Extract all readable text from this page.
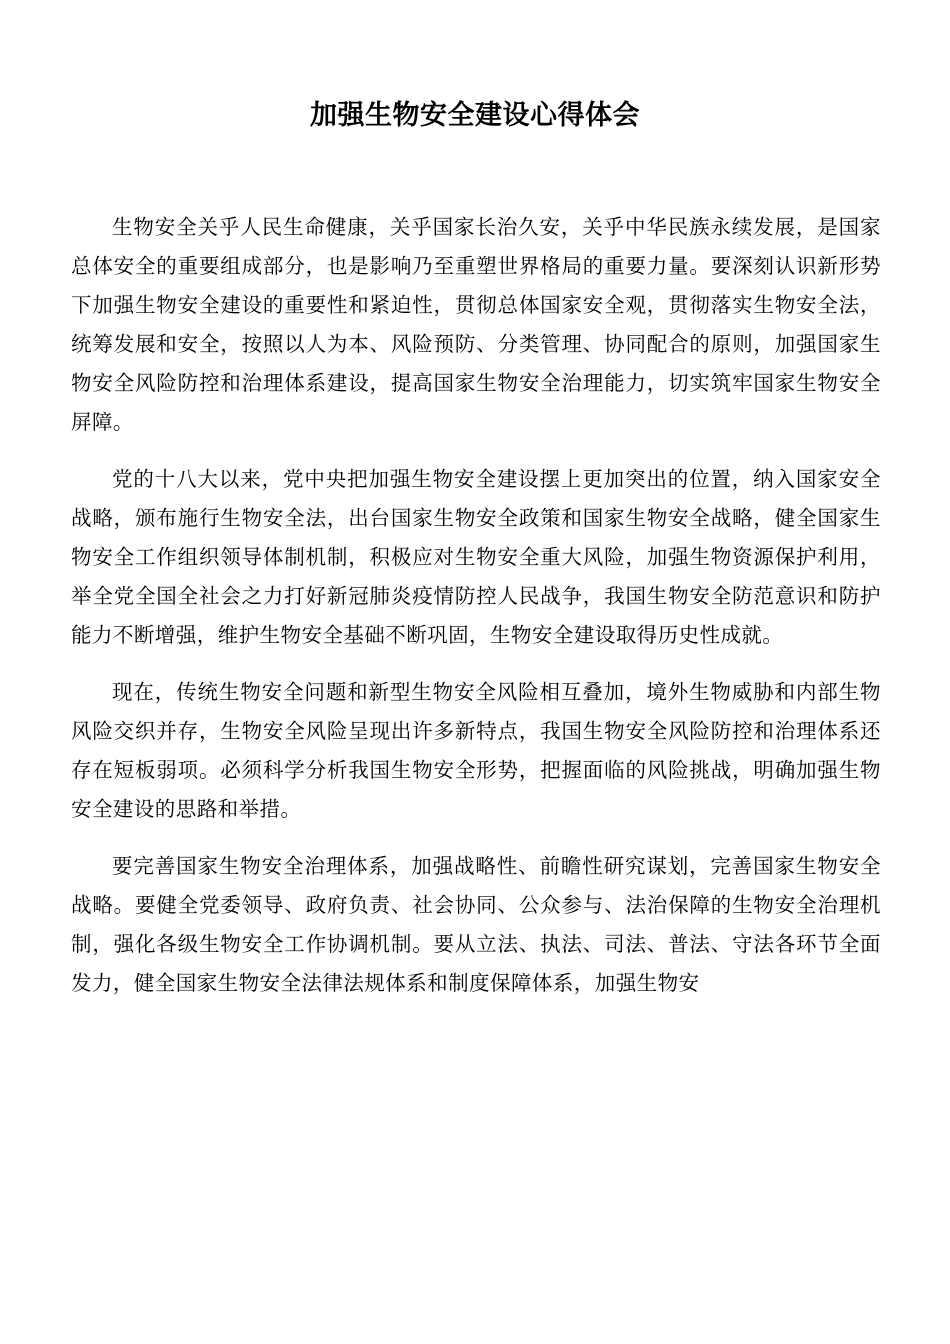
加强生物安全建设心得体会

生物安全关乎人民生命健康，关乎国家长治久安，关乎中华民族永续发展，是国家总体安全的重要组成部分，也是影响乃至重塑世界格局的重要力量。要深刻认识新形势下加强生物安全建设的重要性和紧迫性，贯彻总体国家安全观，贯彻落实生物安全法，统筹发展和安全，按照以人为本、风险预防、分类管理、协同配合的原则，加强国家生物安全风险防控和治理体系建设，提高国家生物安全治理能力，切实筑牢国家生物安全屏障。

党的十八大以来，党中央把加强生物安全建设摆上更加突出的位置，纳入国家安全战略，颁布施行生物安全法，出台国家生物安全政策和国家生物安全战略，健全国家生物安全工作组织领导体制机制，积极应对生物安全重大风险，加强生物资源保护利用，举全党全国全社会之力打好新冠肺炎疫情防控人民战争，我国生物安全防范意识和防护能力不断增强，维护生物安全基础不断巩固，生物安全建设取得历史性成就。

现在，传统生物安全问题和新型生物安全风险相互叠加，境外生物威胁和内部生物风险交织并存，生物安全风险呈现出许多新特点，我国生物安全风险防控和治理体系还存在短板弱项。必须科学分析我国生物安全形势，把握面临的风险挑战，明确加强生物安全建设的思路和举措。

要完善国家生物安全治理体系，加强战略性、前瞻性研究谋划，完善国家生物安全战略。要健全党委领导、政府负责、社会协同、公众参与、法治保障的生物安全治理机制，强化各级生物安全工作协调机制。要从立法、执法、司法、普法、守法各环节全面发力，健全国家生物安全法律法规体系和制度保障体系，加强生物安
